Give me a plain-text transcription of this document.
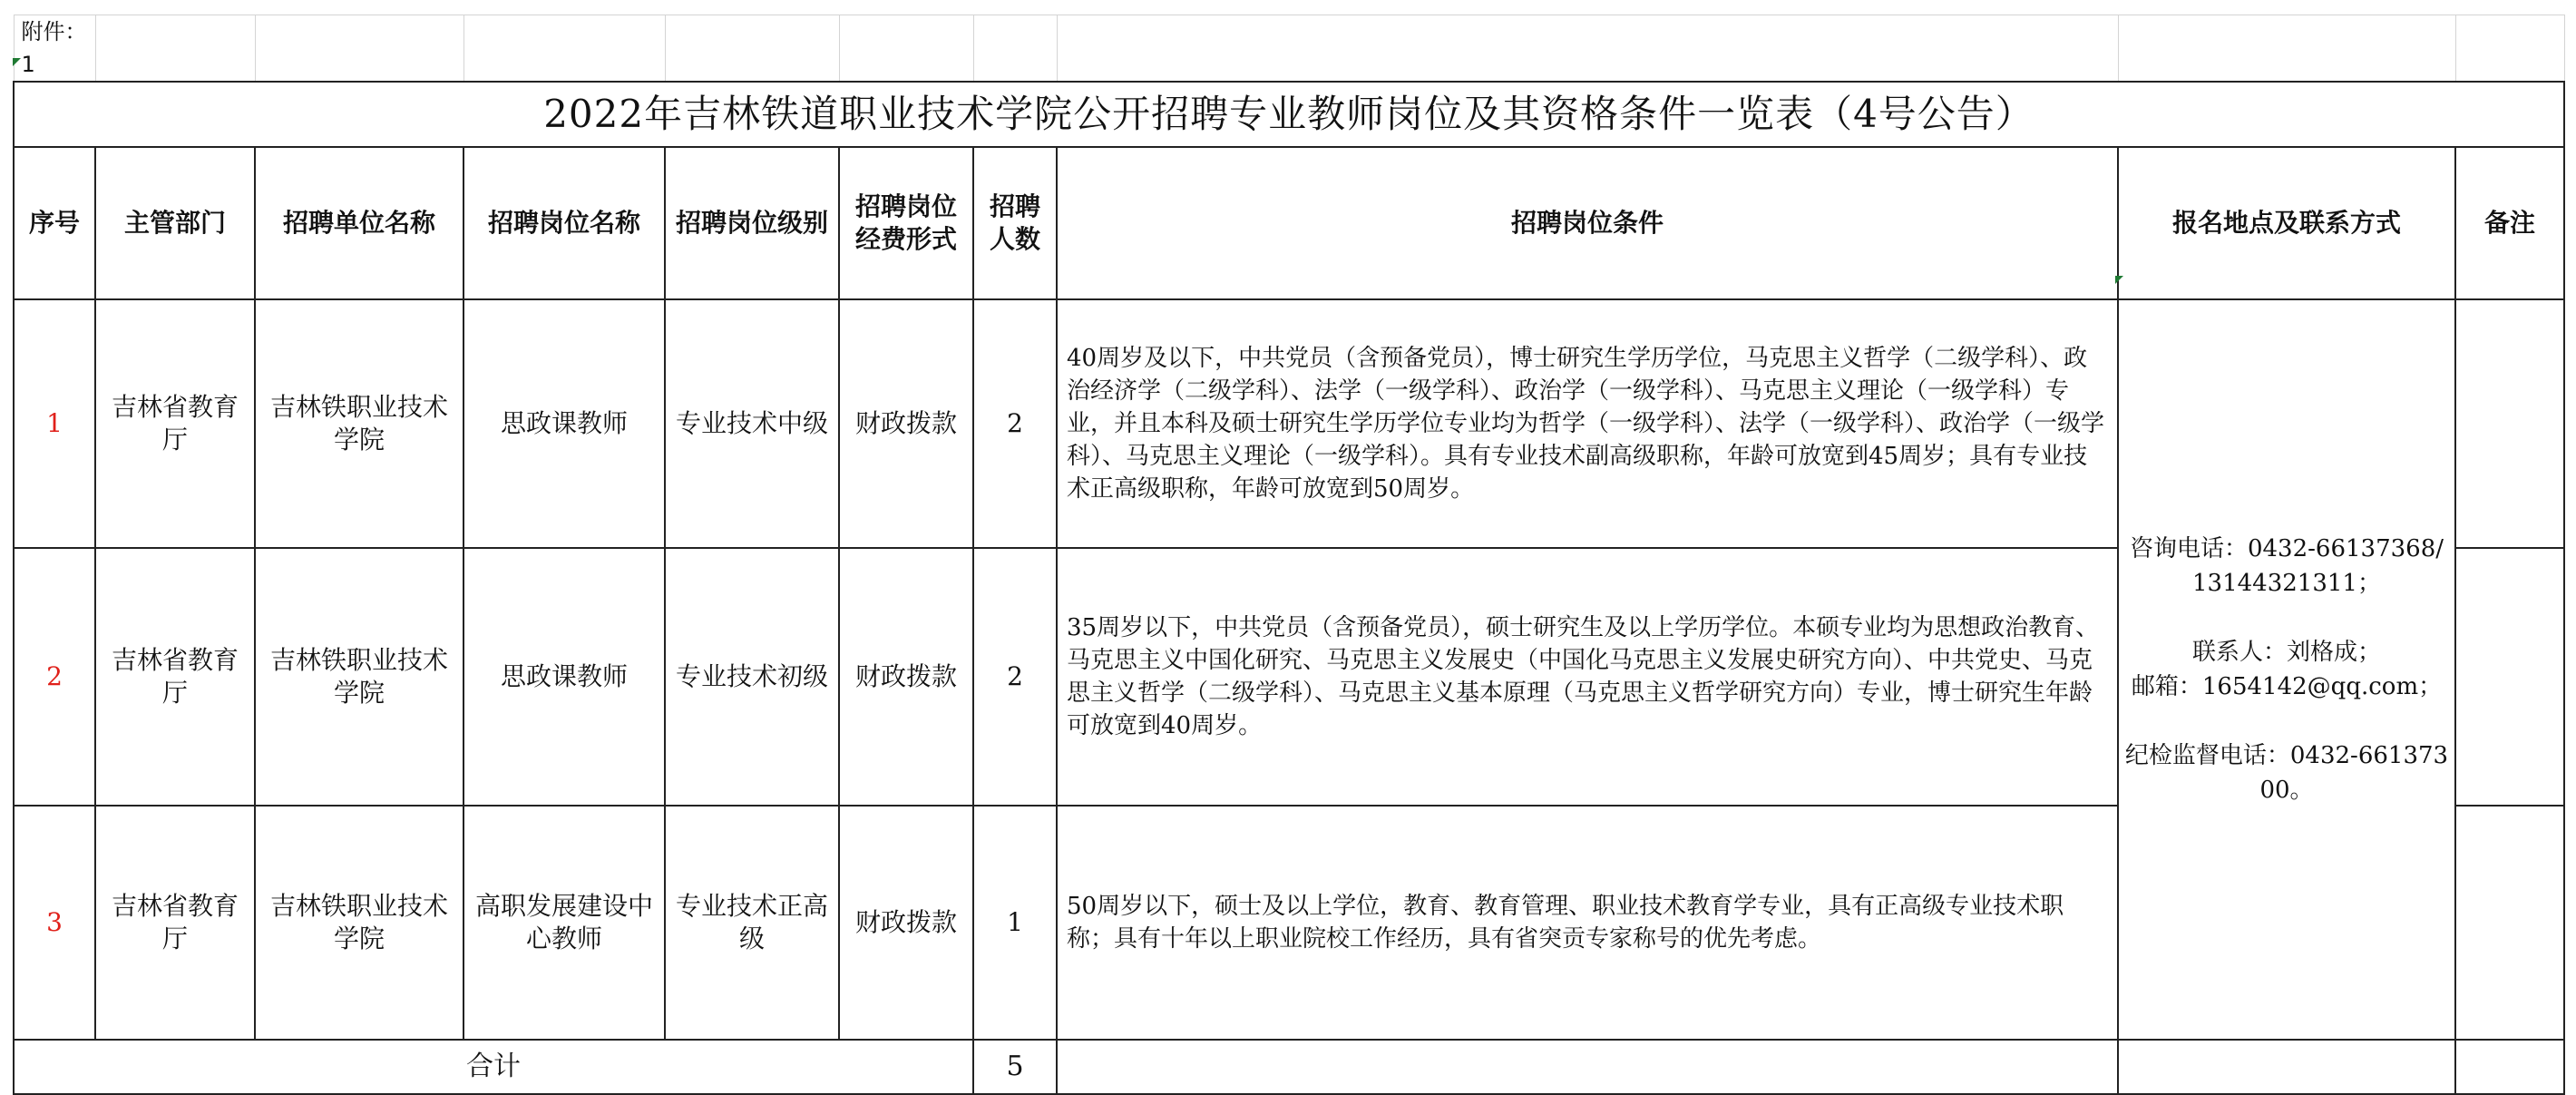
附件：1									
2022年吉林铁道职业技术学院公开招聘专业教师岗位及其资格条件一览表（4号公告）									
序号	主管部门	招聘单位名称	招聘岗位名称	招聘岗位级别	招聘岗位经费形式	招聘人数	招聘岗位条件	报名地点及联系方式	备注
1	吉林省教育厅	吉林铁职业技术学院	思政课教师	专业技术中级	财政拨款	2	40周岁及以下，中共党员（含预备党员），博士研究生学历学位，马克思主义哲学（二级学科）、政治经济学（二级学科）、法学（一级学科）、政治学（一级学科）、马克思主义理论（一级学科）专业，并且本科及硕士研究生学历学位专业均为哲学（一级学科）、法学（一级学科）、政治学（一级学科）、马克思主义理论（一级学科）。具有专业技术副高级职称，年龄可放宽到45周岁；具有专业技术正高级职称，年龄可放宽到50周岁。	咨询电话：0432-66137368/13144321311；
联系人：刘格成；
邮箱：1654142@qq.com；
纪检监督电话：0432-66137300。	

2	吉林省教育厅	吉林铁职业技术学院	思政课教师	专业技术初级	财政拨款	2	35周岁以下，中共党员（含预备党员），硕士研究生及以上学历学位。本硕专业均为思想政治教育、马克思主义中国化研究、马克思主义发展史（中国化马克思主义发展史研究方向）、中共党史、马克思主义哲学（二级学科）、马克思主义基本原理（马克思主义哲学研究方向）专业，博士研究生年龄可放宽到40周岁。		
3	吉林省教育厅	吉林铁职业技术学院	高职发展建设中心教师	专业技术正高级	财政拨款	1	50周岁以下，硕士及以上学位，教育、教育管理、职业技术教育学专业，具有正高级专业技术职称；具有十年以上职业院校工作经历，具有省突贡专家称号的优先考虑。		
合计						5			
